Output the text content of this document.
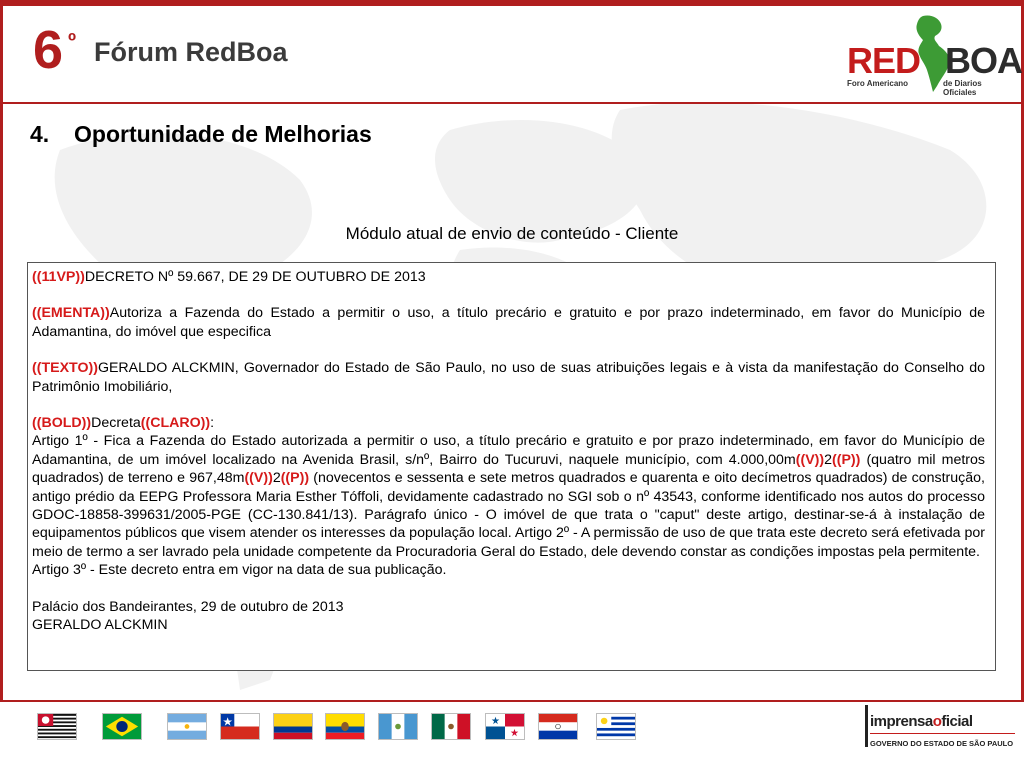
6 º Fórum RedBoa	RED BOA
Foro Americano	de Diarios Oficiales
4. Oportunidade de Melhorias
Módulo atual de envio de conteúdo - Cliente

((11VP))DECRETO Nº 59.667, DE 29 DE OUTUBRO DE 2013

((EMENTA))Autoriza a Fazenda do Estado a permitir o uso, a título precário e gratuito e por prazo indeterminado, em favor do Município de Adamantina, do imóvel que especifica

((TEXTO))GERALDO ALCKMIN, Governador do Estado de São Paulo, no uso de suas atribuições legais e à vista da manifestação do Conselho do Patrimônio Imobiliário,

((BOLD))Decreta((CLARO)):

Artigo 1º - Fica a Fazenda do Estado autorizada a permitir o uso, a título precário e gratuito e por prazo indeterminado, em favor do Município de Adamantina, de um imóvel localizado na Avenida Brasil, s/nº, Bairro do Tucuruvi, naquele município, com 4.000,00m((V))2((P)) (quatro mil metros quadrados) de terreno e 967,48m((V))2((P)) (novecentos e sessenta e sete metros quadrados e quarenta e oito decímetros quadrados) de construção, antigo prédio da EEPG Professora Maria Esther Tóffoli, devidamente cadastrado no SGI sob o nº 43543, conforme identificado nos autos do processo GDOC-18858-399631/2005-PGE (CC-130.841/13). Parágrafo único - O imóvel de que trata o "caput" deste artigo, destinar-se-á à instalação de equipamentos públicos que visem atender os interesses da população local. Artigo 2º - A permissão de uso de que trata este decreto será efetivada por meio de termo a ser lavrado pela unidade competente da Procuradoria Geral do Estado, dele devendo constar as condições impostas pela permitente.

Artigo 3º - Este decreto entra em vigor na data de sua publicação.

Palácio dos Bandeirantes, 29 de outubro de 2013

GERALDO ALCKMIN

imprensaoficial
GOVERNO DO ESTADO DE SÃO PAULO
